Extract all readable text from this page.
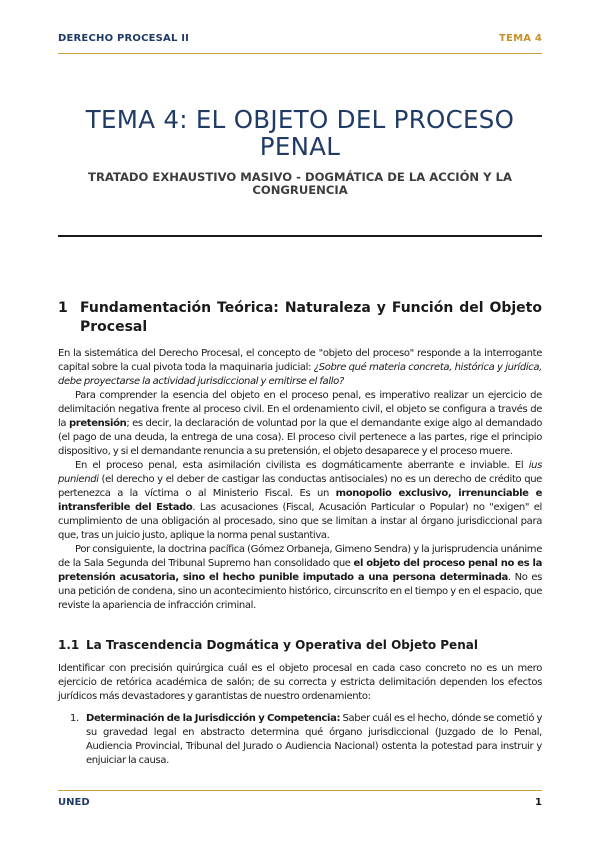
DERECHO PROCESAL II	TEMA 4
TEMA 4: EL OBJETO DEL PROCESO PENAL
TRATADO EXHAUSTIVO MASIVO - DOGMÁTICA DE LA ACCIÓN Y LA CONGRUENCIA
1 Fundamentación Teórica: Naturaleza y Función del Objeto Procesal

En la sistemática del Derecho Procesal, el concepto de "objeto del proceso" responde a la interrogante capital sobre la cual pivota toda la maquinaria judicial: ¿Sobre qué materia concreta, histórica y jurídica, debe proyectarse la actividad jurisdiccional y emitirse el fallo?

Para comprender la esencia del objeto en el proceso penal, es imperativo realizar un ejercicio de delimitación negativa frente al proceso civil. En el ordenamiento civil, el objeto se configura a través de la pretensión; es decir, la declaración de voluntad por la que el demandante exige algo al demandado (el pago de una deuda, la entrega de una cosa). El proceso civil pertenece a las partes, rige el principio dispositivo, y si el demandante renuncia a su pretensión, el objeto desaparece y el proceso muere.

En el proceso penal, esta asimilación civilista es dogmáticamente aberrante e inviable. El ius puniendi (el derecho y el deber de castigar las conductas antisociales) no es un derecho de crédito que pertenezca a la víctima o al Ministerio Fiscal. Es un monopolio exclusivo, irrenunciable e intransferible del Estado. Las acusaciones (Fiscal, Acusación Particular o Popular) no "exigen" el cumplimiento de una obligación al procesado, sino que se limitan a instar al órgano jurisdiccional para que, tras un juicio justo, aplique la norma penal sustantiva.

Por consiguiente, la doctrina pacífica (Gómez Orbaneja, Gimeno Sendra) y la jurisprudencia unánime de la Sala Segunda del Tribunal Supremo han consolidado que el objeto del proceso penal no es la pretensión acusatoria, sino el hecho punible imputado a una persona determinada. No es una petición de condena, sino un acontecimiento histórico, circunscrito en el tiempo y en el espacio, que reviste la apariencia de infracción criminal.

1.1 La Trascendencia Dogmática y Operativa del Objeto Penal

Identificar con precisión quirúrgica cuál es el objeto procesal en cada caso concreto no es un mero ejercicio de retórica académica de salón; de su correcta y estricta delimitación dependen los efectos jurídicos más devastadores y garantistas de nuestro ordenamiento:

1. Determinación de la Jurisdicción y Competencia: Saber cuál es el hecho, dónde se cometió y su gravedad legal en abstracto determina qué órgano jurisdiccional (Juzgado de lo Penal, Audiencia Provincial, Tribunal del Jurado o Audiencia Nacional) ostenta la potestad para instruir y enjuiciar la causa.
UNED	1
